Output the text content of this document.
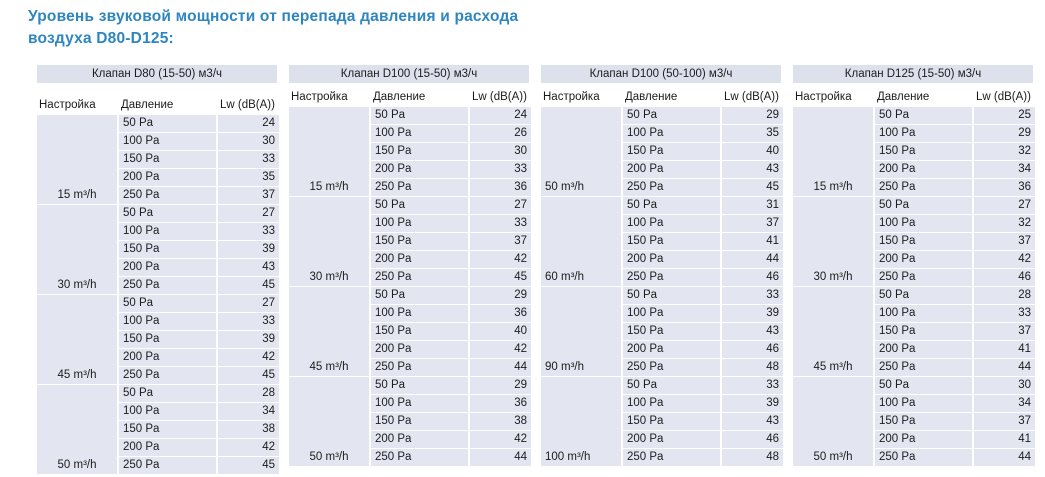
Уровень звуковой мощности от перепада давления и расхода
воздуха D80-D125:
Клапан D80 (15-50) м3/ч
Настройка	Давление	Lw (dB(A))
15 m³/h	50 Pa	24
	100 Pa	30
	150 Pa	33
	200 Pa	35
	250 Pa	37
30 m³/h	50 Pa	27
	100 Pa	33
	150 Pa	39
	200 Pa	43
	250 Pa	45
45 m³/h	50 Pa	27
	100 Pa	33
	150 Pa	39
	200 Pa	42
	250 Pa	45
50 m³/h	50 Pa	28
	100 Pa	34
	150 Pa	38
	200 Pa	42
	250 Pa	45
Клапан D100 (15-50) м3/ч
Настройка	Давление	Lw (dB(A))
15 m³/h	50 Pa	24
	100 Pa	26
	150 Pa	30
	200 Pa	33
	250 Pa	36
30 m³/h	50 Pa	27
	100 Pa	33
	150 Pa	37
	200 Pa	42
	250 Pa	45
45 m³/h	50 Pa	29
	100 Pa	36
	150 Pa	40
	200 Pa	42
	250 Pa	44
50 m³/h	50 Pa	29
	100 Pa	36
	150 Pa	38
	200 Pa	42
	250 Pa	44
Клапан D100 (50-100) м3/ч
Настройка	Давление	Lw (dB(A))
50 m³/h	50 Pa	29
	100 Pa	35
	150 Pa	40
	200 Pa	43
	250 Pa	45
60 m³/h	50 Pa	31
	100 Pa	37
	150 Pa	41
	200 Pa	44
	250 Pa	46
90 m³/h	50 Pa	33
	100 Pa	39
	150 Pa	43
	200 Pa	46
	250 Pa	48
100 m³/h	50 Pa	33
	100 Pa	39
	150 Pa	43
	200 Pa	46
	250 Pa	48
Клапан D125 (15-50) м3/ч
Настройка	Давление	Lw (dB(A))
15 m³/h	50 Pa	25
	100 Pa	29
	150 Pa	32
	200 Pa	34
	250 Pa	36
30 m³/h	50 Pa	27
	100 Pa	32
	150 Pa	37
	200 Pa	42
	250 Pa	46
45 m³/h	50 Pa	28
	100 Pa	33
	150 Pa	37
	200 Pa	41
	250 Pa	44
50 m³/h	50 Pa	30
	100 Pa	34
	150 Pa	37
	200 Pa	41
	250 Pa	44
